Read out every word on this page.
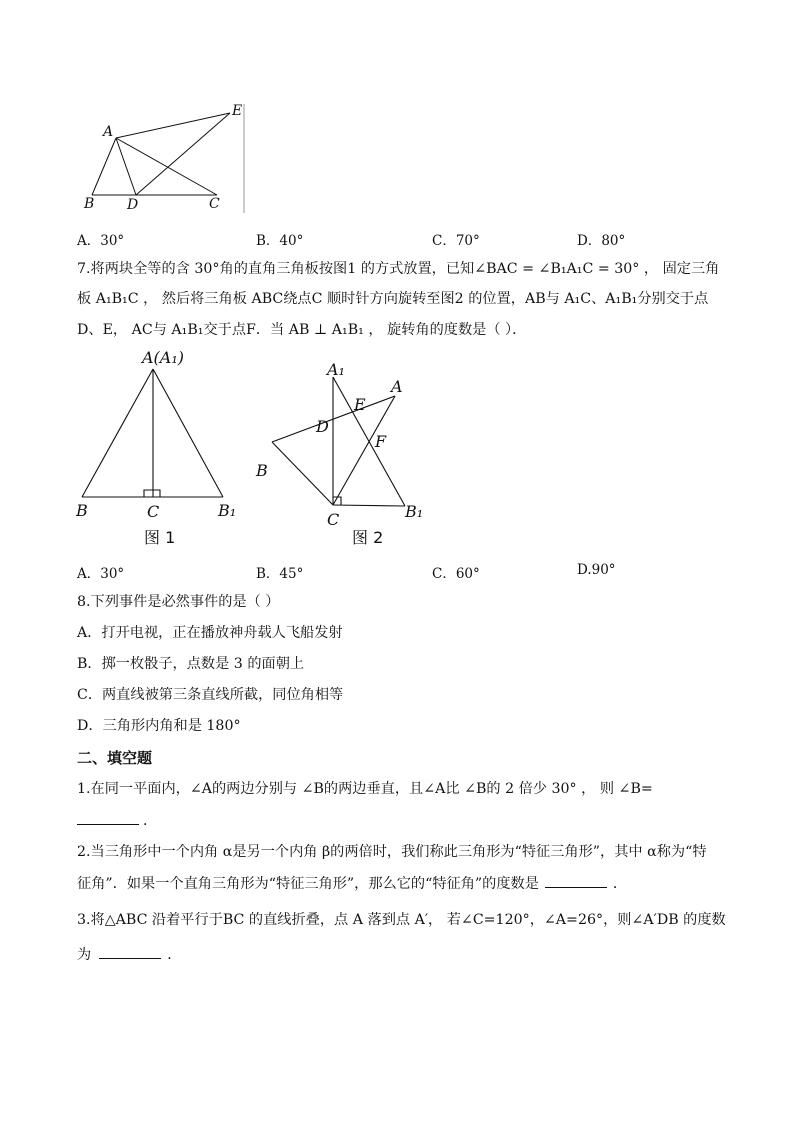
A
B D	C
E
A．30°	B．40°	C．70°	D．80°
7.将两块全等的含 30°角的直角三角板按图1 的方式放置，已知∠BAC = ∠B₁A₁C = 30° ， 固定三角
板 A₁B₁C ， 然后将三角板 ABC绕点C 顺时针方向旋转至图2 的位置，AB与 A₁C、A₁B₁分别交于点
D、E， AC与 A₁B₁交于点F．当 AB ⊥ A₁B₁ ， 旋转角的度数是（ ）．
A(A₁)
B	C	B₁
图 1
A₁
A
E
D
F
B
C	B₁
图 2
A．30°	B．45°	C．60°	D.90°
8.下列事件是必然事件的是（ ）
A．打开电视，正在播放神舟载人飞船发射
B．掷一枚骰子，点数是 3 的面朝上
C．两直线被第三条直线所截，同位角相等
D．三角形内角和是 180°
二、填空题
1.在同一平面内，∠A的两边分别与 ∠B的两边垂直，且∠A比 ∠B的 2 倍少 30° ， 则 ∠B=
．
2.当三角形中一个内角 α是另一个内角 β的两倍时，我们称此三角形为“特征三角形”，其中 α称为“特
征角”．如果一个直角三角形为“特征三角形”，那么它的“特征角”的度数是	．
3.将△ABC 沿着平行于BC 的直线折叠，点 A 落到点 A′， 若∠C=120°，∠A=26°，则∠A′DB 的度数
为	．
